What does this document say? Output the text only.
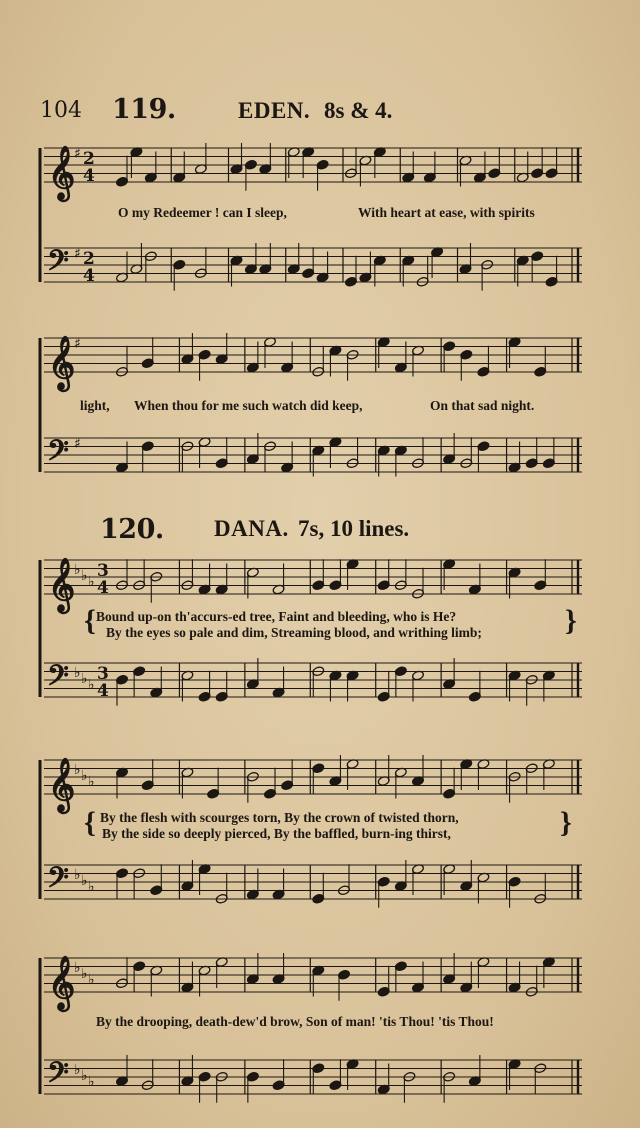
𝄞
♯ 2
4
𝄢 ♯ 2
4
𝄞
♯
𝄢 ♯
𝄞
♭ ♭ ♭
3
4
𝄢 ♭ ♭ ♭
3
4
𝄞
♭ ♭ ♭
𝄢 ♭ ♭ ♭
𝄞
♭ ♭ ♭
𝄢 ♭ ♭ ♭
104 119.	EDEN. 8s & 4.
O my Redeemer ! can I sleep,	With heart at ease, with spirits
light, When thou for me such watch did keep,	On that sad night.
120. DANA. 7s, 10 lines.
{ Bound up-on th'accurs-ed tree, Faint and bleeding, who is He?
By the eyes so pale and dim, Streaming blood, and writhing limb;	}
{ By the flesh with scourges torn, By the crown of twisted thorn,
By the side so deeply pierced, By the baffled, burn-ing thirst,	}
By the drooping, death-dew'd brow, Son of man! 'tis Thou! 'tis Thou!
